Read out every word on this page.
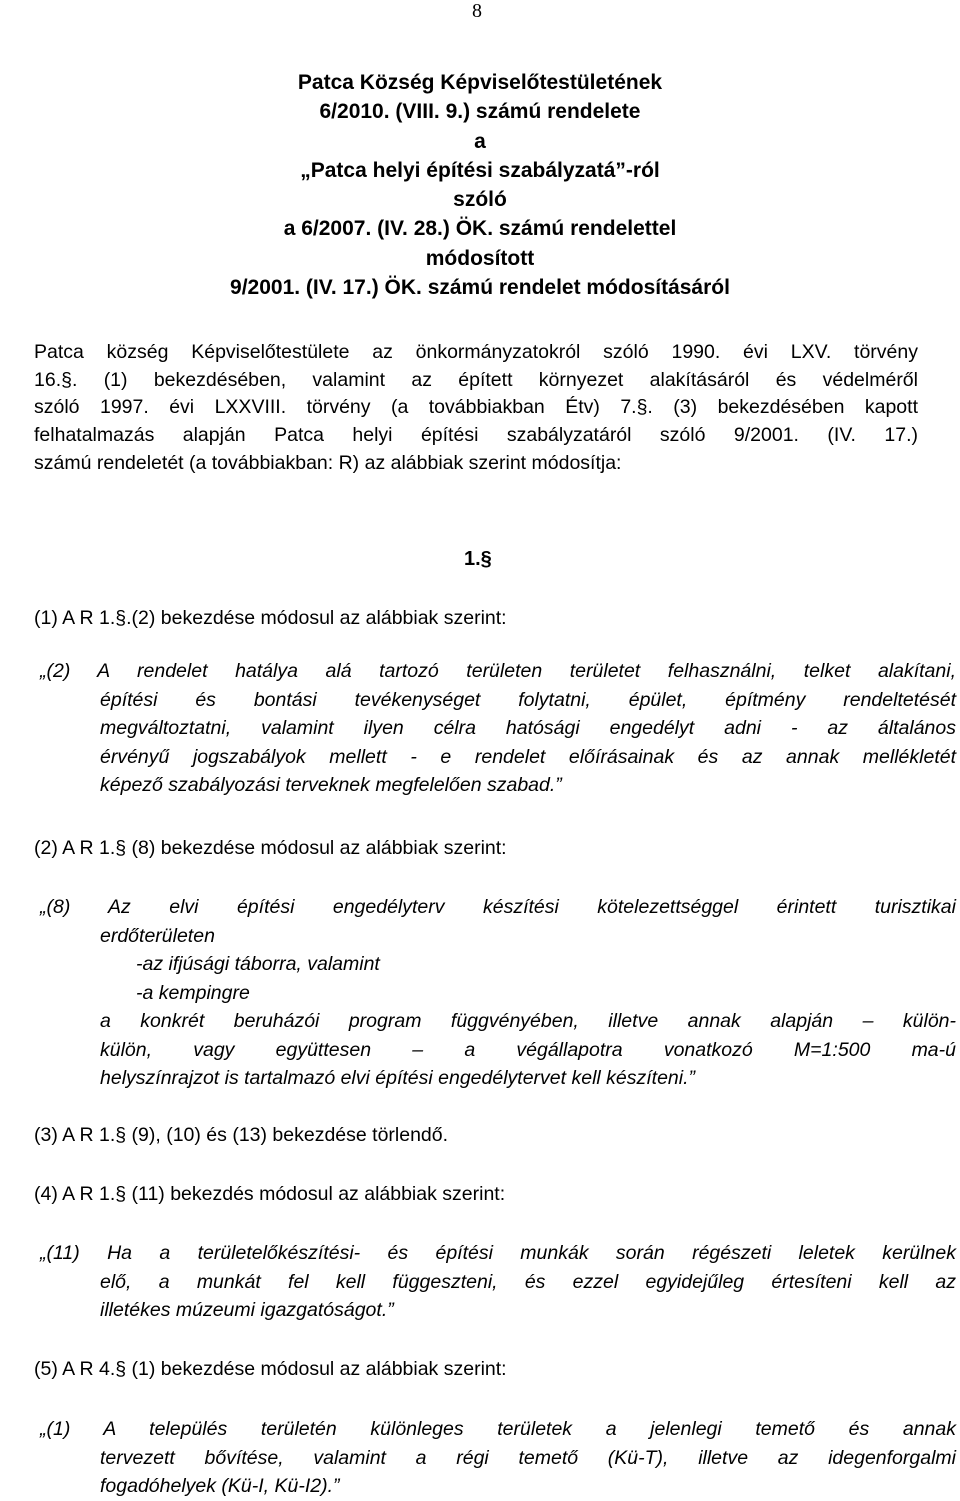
8
Patca Község Képviselőtestületének
6/2010. (VIII. 9.) számú rendelete
a
„Patca helyi építési szabályzatá”-ról
szóló
a 6/2007. (IV. 28.) ÖK. számú rendelettel
módosított
9/2001. (IV. 17.) ÖK. számú rendelet módosításáról
Patca község Képviselőtestülete az önkormányzatokról szóló 1990. évi LXV. törvény
16.§. (1) bekezdésében, valamint az épített környezet alakításáról és védelméről
szóló 1997. évi LXXVIII. törvény (a továbbiakban Étv) 7.§. (3) bekezdésében kapott
felhatalmazás alapján Patca helyi építési szabályzatáról szóló 9/2001. (IV. 17.)
számú rendeletét (a továbbiakban: R) az alábbiak szerint módosítja:
1.§
(1) A R 1.§.(2) bekezdése módosul az alábbiak szerint:
„(2) A rendelet hatálya alá tartozó területen területet felhasználni, telket alakítani,
építési és bontási tevékenységet folytatni, épület, építmény rendeltetését
megváltoztatni, valamint ilyen célra hatósági engedélyt adni - az általános
érvényű jogszabályok mellett - e rendelet előírásainak és az annak mellékletét
képező szabályozási terveknek megfelelően szabad.”
(2) A R 1.§ (8) bekezdése módosul az alábbiak szerint:
„(8) Az elvi építési engedélyterv készítési kötelezettséggel érintett turisztikai
erdőterületen
-az ifjúsági táborra, valamint
-a kempingre
a konkrét beruházói program függvényében, illetve annak alapján – külön-
külön, vagy együttesen – a végállapotra vonatkozó M=1:500 ma-ú
helyszínrajzot is tartalmazó elvi építési engedélytervet kell készíteni.”
(3) A R 1.§ (9), (10) és (13) bekezdése törlendő.
(4) A R 1.§ (11) bekezdés módosul az alábbiak szerint:
„(11) Ha a területelőkészítési- és építési munkák során régészeti leletek kerülnek
elő, a munkát fel kell függeszteni, és ezzel egyidejűleg értesíteni kell az
illetékes múzeumi igazgatóságot.”
(5) A R 4.§ (1) bekezdése módosul az alábbiak szerint:
„(1) A település területén különleges területek a jelenlegi temető és annak
tervezett bővítése, valamint a régi temető (Kü-T), illetve az idegenforgalmi
fogadóhelyek (Kü-I, Kü-I2).”
